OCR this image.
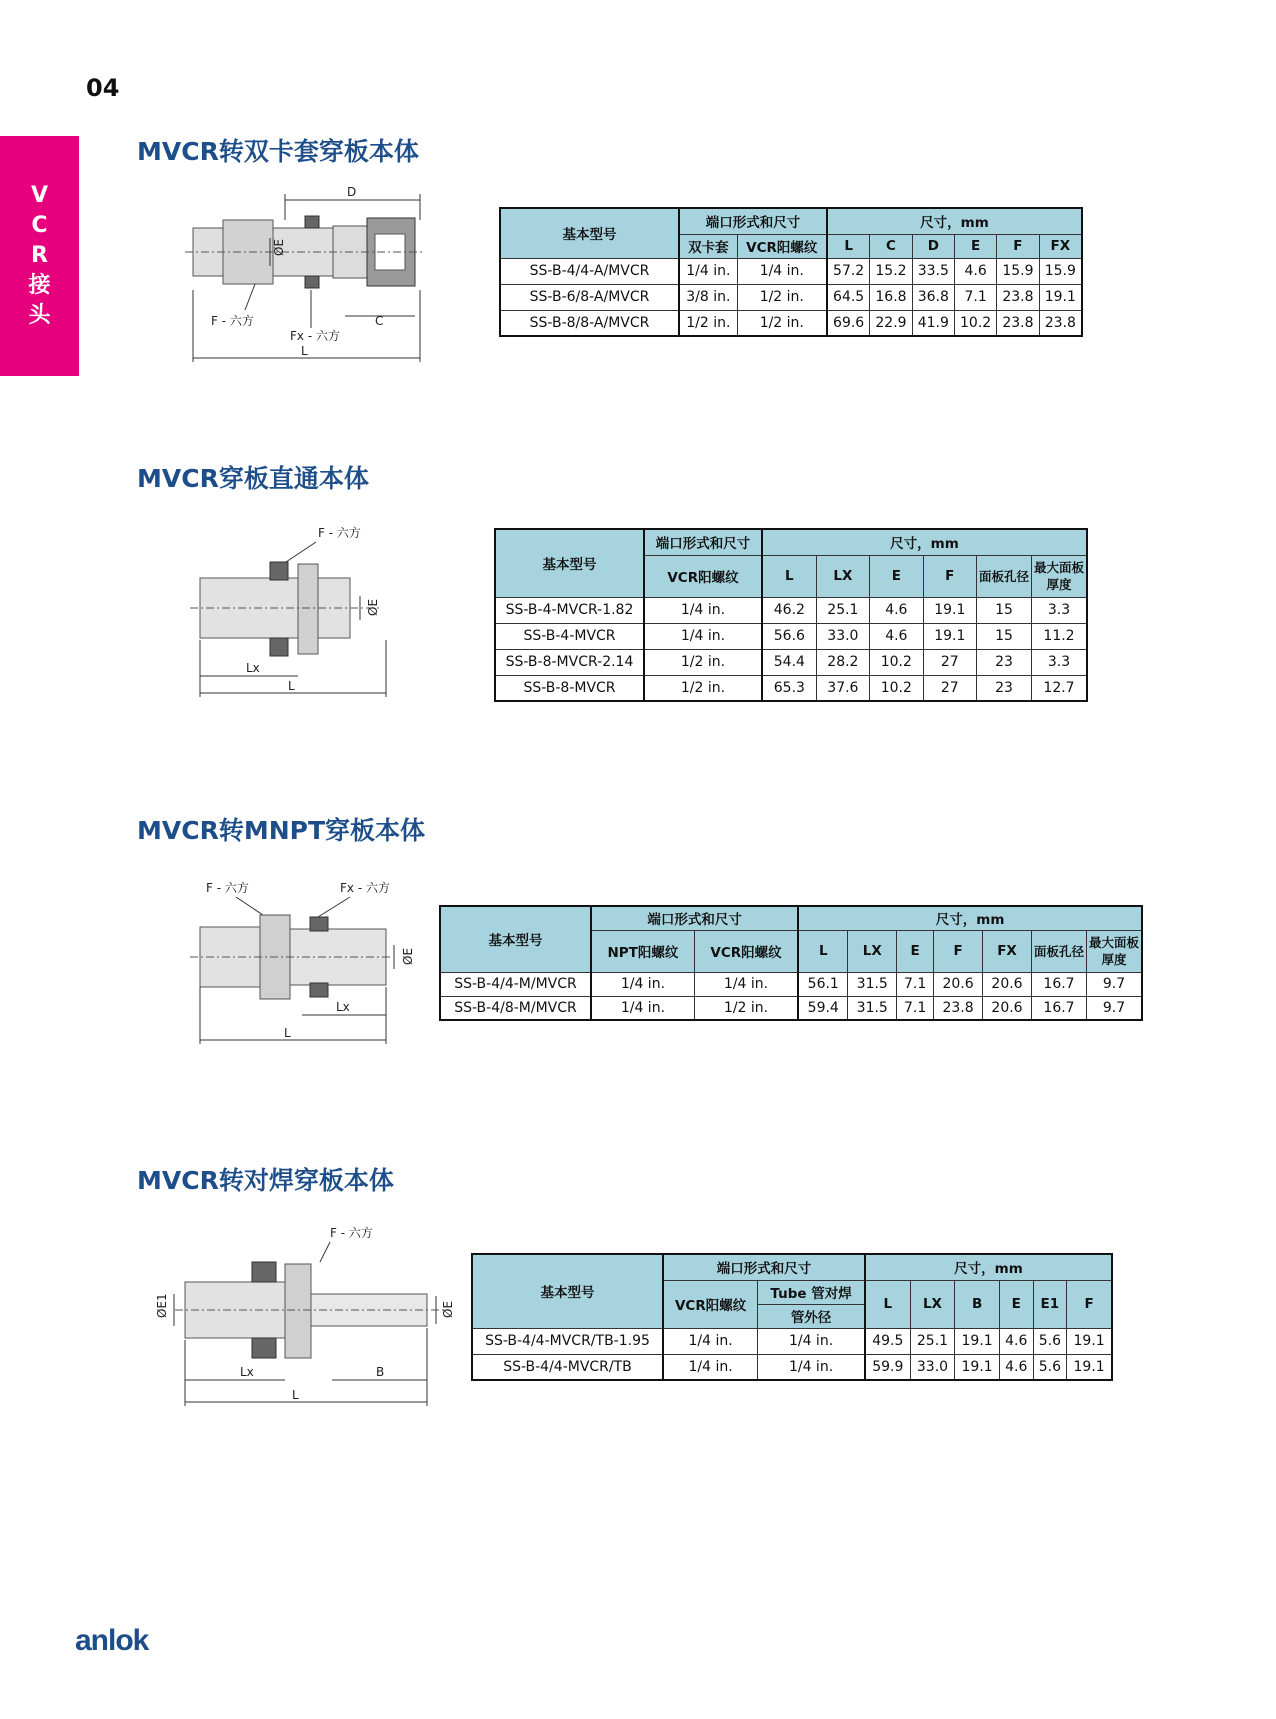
04
V
C
R
接
头
MVCR转双卡套穿板本体
D
ØE
F - 六方
Fx - 六方
C
L
基本型号	端口形式和尺寸		尺寸，mm					
	双卡套	VCR阳螺纹	L	C	D	E	F	FX
SS-B-4/4-A/MVCR	1/4 in.	1/4 in.	57.2	15.2	33.5	4.6	15.9	15.9
SS-B-6/8-A/MVCR	3/8 in.	1/2 in.	64.5	16.8	36.8	7.1	23.8	19.1
SS-B-8/8-A/MVCR	1/2 in.	1/2 in.	69.6	22.9	41.9	10.2	23.8	23.8
MVCR穿板直通本体
F - 六方
ØE
Lx
L
基本型号	端口形式和尺寸	尺寸，mm					
	VCR阳螺纹	L	LX	E	F	面板孔径	最大面板厚度
SS-B-4-MVCR-1.82	1/4 in.	46.2	25.1	4.6	19.1	15	3.3
SS-B-4-MVCR	1/4 in.	56.6	33.0	4.6	19.1	15	11.2
SS-B-8-MVCR-2.14	1/2 in.	54.4	28.2	10.2	27	23	3.3
SS-B-8-MVCR	1/2 in.	65.3	37.6	10.2	27	23	12.7
MVCR转MNPT穿板本体
F - 六方	Fx - 六方
ØE
Lx
L
基本型号	端口形式和尺寸		尺寸，mm						
	NPT阳螺纹	VCR阳螺纹	L	LX	E	F	FX	面板孔径	最大面板厚度
SS-B-4/4-M/MVCR	1/4 in.	1/4 in.	56.1	31.5	7.1	20.6	20.6	16.7	9.7
SS-B-4/8-M/MVCR	1/4 in.	1/2 in.	59.4	31.5	7.1	23.8	20.6	16.7	9.7
MVCR转对焊穿板本体
F - 六方
ØE1	ØE
Lx	B
L
基本型号	端口形式和尺寸		尺寸，mm					
	VCR阳螺纹	Tube 管对焊	L	LX	B	E	E1	F
		管外径						
SS-B-4/4-MVCR/TB-1.95	1/4 in.	1/4 in.	49.5	25.1	19.1	4.6	5.6	19.1
SS-B-4/4-MVCR/TB	1/4 in.	1/4 in.	59.9	33.0	19.1	4.6	5.6	19.1
anlok
